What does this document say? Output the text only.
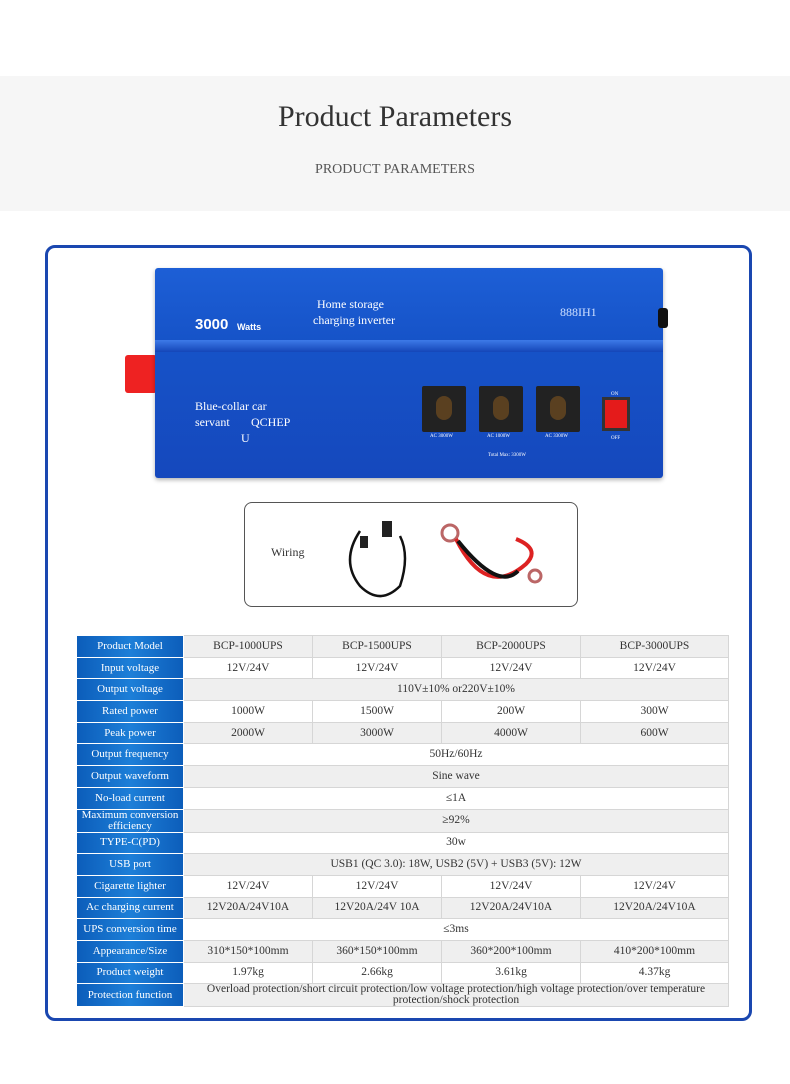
Product Parameters
PRODUCT PARAMETERS
3000 Watts
Home storage
charging inverter
888IH1
Blue-collar car
servant QCHEP
U	AC 3000W	AC 1000W	AC 3300W
Total Max: 3300W
ON
OFF
Wiring
Product Model	BCP-1000UPS	BCP-1500UPS	BCP-2000UPS	BCP-3000UPS
Input voltage	12V/24V	12V/24V	12V/24V	12V/24V
Output voltage	110V±10% or220V±10%			
Rated power	1000W	1500W	200W	300W
Peak power	2000W	3000W	4000W	600W
Output frequency	50Hz/60Hz			
Output waveform	Sine wave			
No-load current	≤1A			
Maximum conversion efficiency	≥92%			
TYPE-C(PD)	30w			
USB port	USB1 (QC 3.0): 18W, USB2 (5V) + USB3 (5V): 12W			
Cigarette lighter	12V/24V	12V/24V	12V/24V	12V/24V
Ac charging current	12V20A/24V10A	12V20A/24V 10A	12V20A/24V10A	12V20A/24V10A
UPS conversion time	≤3ms			
Appearance/Size	310*150*100mm	360*150*100mm	360*200*100mm	410*200*100mm
Product weight	1.97kg	2.66kg	3.61kg	4.37kg
Protection function	Overload protection/short circuit protection/low voltage protection/high voltage protection/over temperature protection/shock protection			
